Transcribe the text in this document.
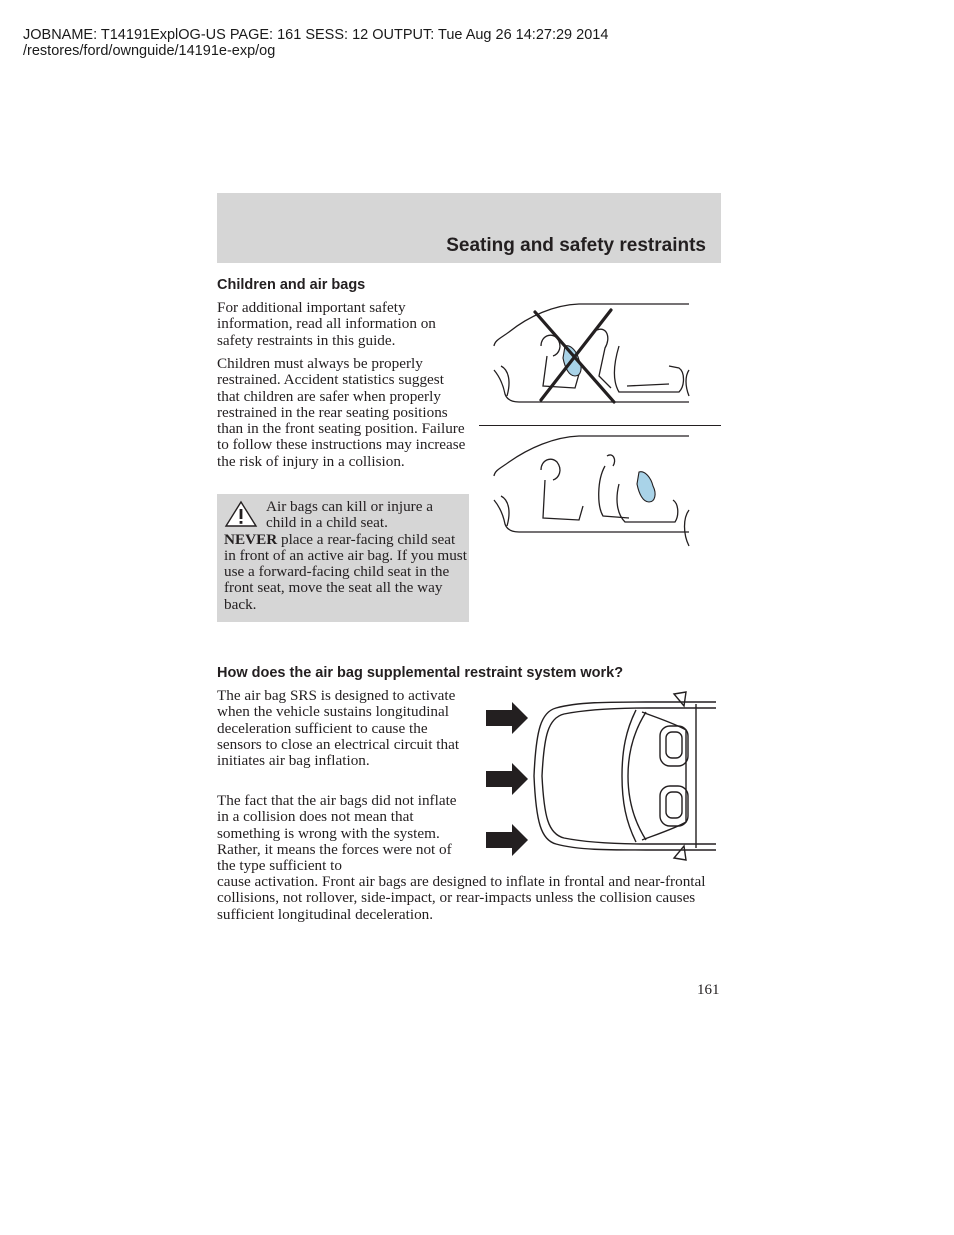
JOBNAME: T14191ExplOG-US PAGE: 161 SESS: 12 OUTPUT: Tue Aug 26 14:27:29 2014
/restores/ford/ownguide/14191e-exp/og
Seating and safety restraints
Children and air bags
For additional important safety information, read all information on safety restraints in this guide.
Children must always be properly restrained. Accident statistics suggest that children are safer when properly restrained in the rear seating positions than in the front seating position. Failure to follow these instructions may increase the risk of injury in a collision.
Air bags can kill or injure a child in a child seat.
NEVER place a rear-facing child seat in front of an active air bag. If you must use a forward-facing child seat in the front seat, move the seat all the way back.
How does the air bag supplemental restraint system work?
The air bag SRS is designed to activate when the vehicle sustains longitudinal deceleration sufficient to cause the sensors to close an electrical circuit that initiates air bag inflation.
The fact that the air bags did not inflate in a collision does not mean that something is wrong with the system. Rather, it means the forces were not of the type sufficient to
cause activation. Front air bags are designed to inflate in frontal and near-frontal collisions, not rollover, side-impact, or rear-impacts unless the collision causes sufficient longitudinal deceleration.
161
